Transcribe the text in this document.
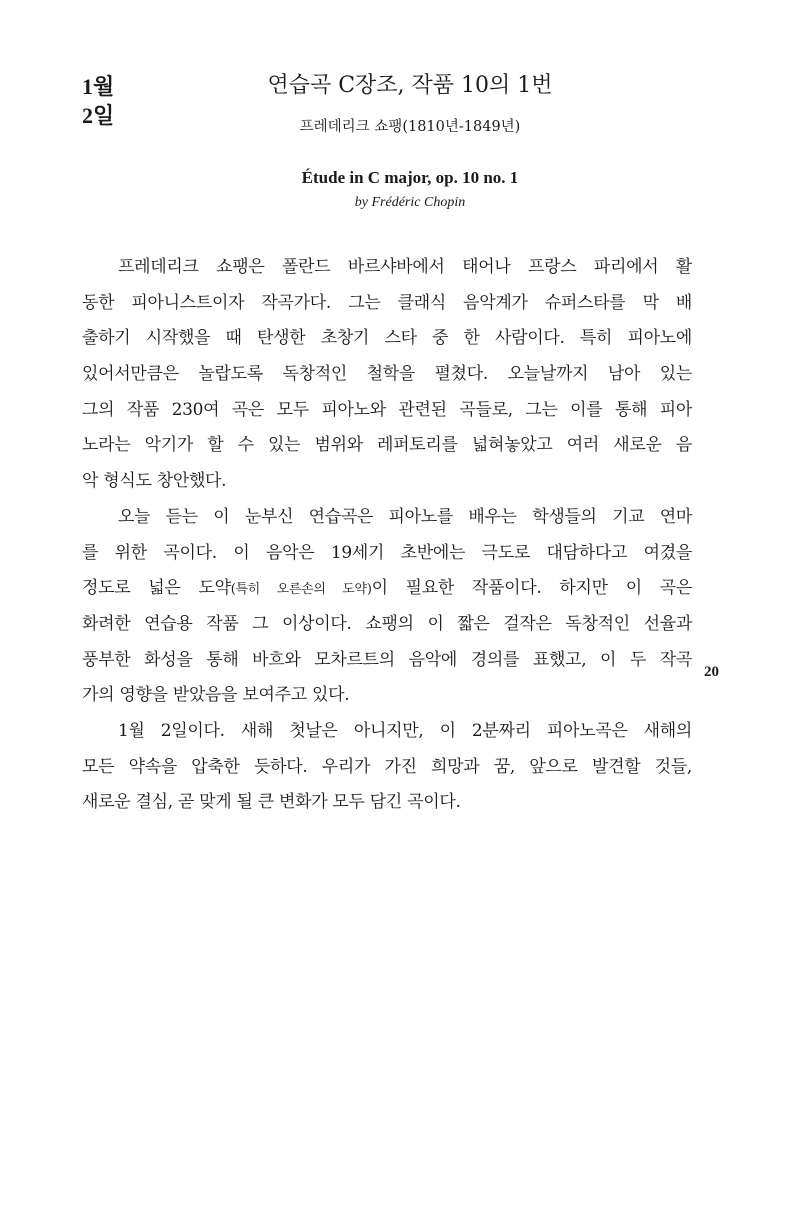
1월
2일
연습곡 C장조, 작품 10의 1번
프레데리크 쇼팽(1810년-1849년)
Étude in C major, op. 10 no. 1
by Frédéric Chopin
프레데리크 쇼팽은 폴란드 바르샤바에서 태어나 프랑스 파리에서 활
동한 피아니스트이자 작곡가다. 그는 클래식 음악계가 슈퍼스타를 막 배
출하기 시작했을 때 탄생한 초창기 스타 중 한 사람이다. 특히 피아노에
있어서만큼은 놀랍도록 독창적인 철학을 펼쳤다. 오늘날까지 남아 있는
그의 작품 230여 곡은 모두 피아노와 관련된 곡들로, 그는 이를 통해 피아
노라는 악기가 할 수 있는 범위와 레퍼토리를 넓혀놓았고 여러 새로운 음
악 형식도 창안했다.
오늘 듣는 이 눈부신 연습곡은 피아노를 배우는 학생들의 기교 연마
를 위한 곡이다. 이 음악은 19세기 초반에는 극도로 대담하다고 여겼을
정도로 넓은 도약(특히 오른손의 도약)이 필요한 작품이다. 하지만 이 곡은
화려한 연습용 작품 그 이상이다. 쇼팽의 이 짧은 걸작은 독창적인 선율과
풍부한 화성을 통해 바흐와 모차르트의 음악에 경의를 표했고, 이 두 작곡
가의 영향을 받았음을 보여주고 있다.
1월 2일이다. 새해 첫날은 아니지만, 이 2분짜리 피아노곡은 새해의
모든 약속을 압축한 듯하다. 우리가 가진 희망과 꿈, 앞으로 발견할 것들,
새로운 결심, 곧 맞게 될 큰 변화가 모두 담긴 곡이다.
20
